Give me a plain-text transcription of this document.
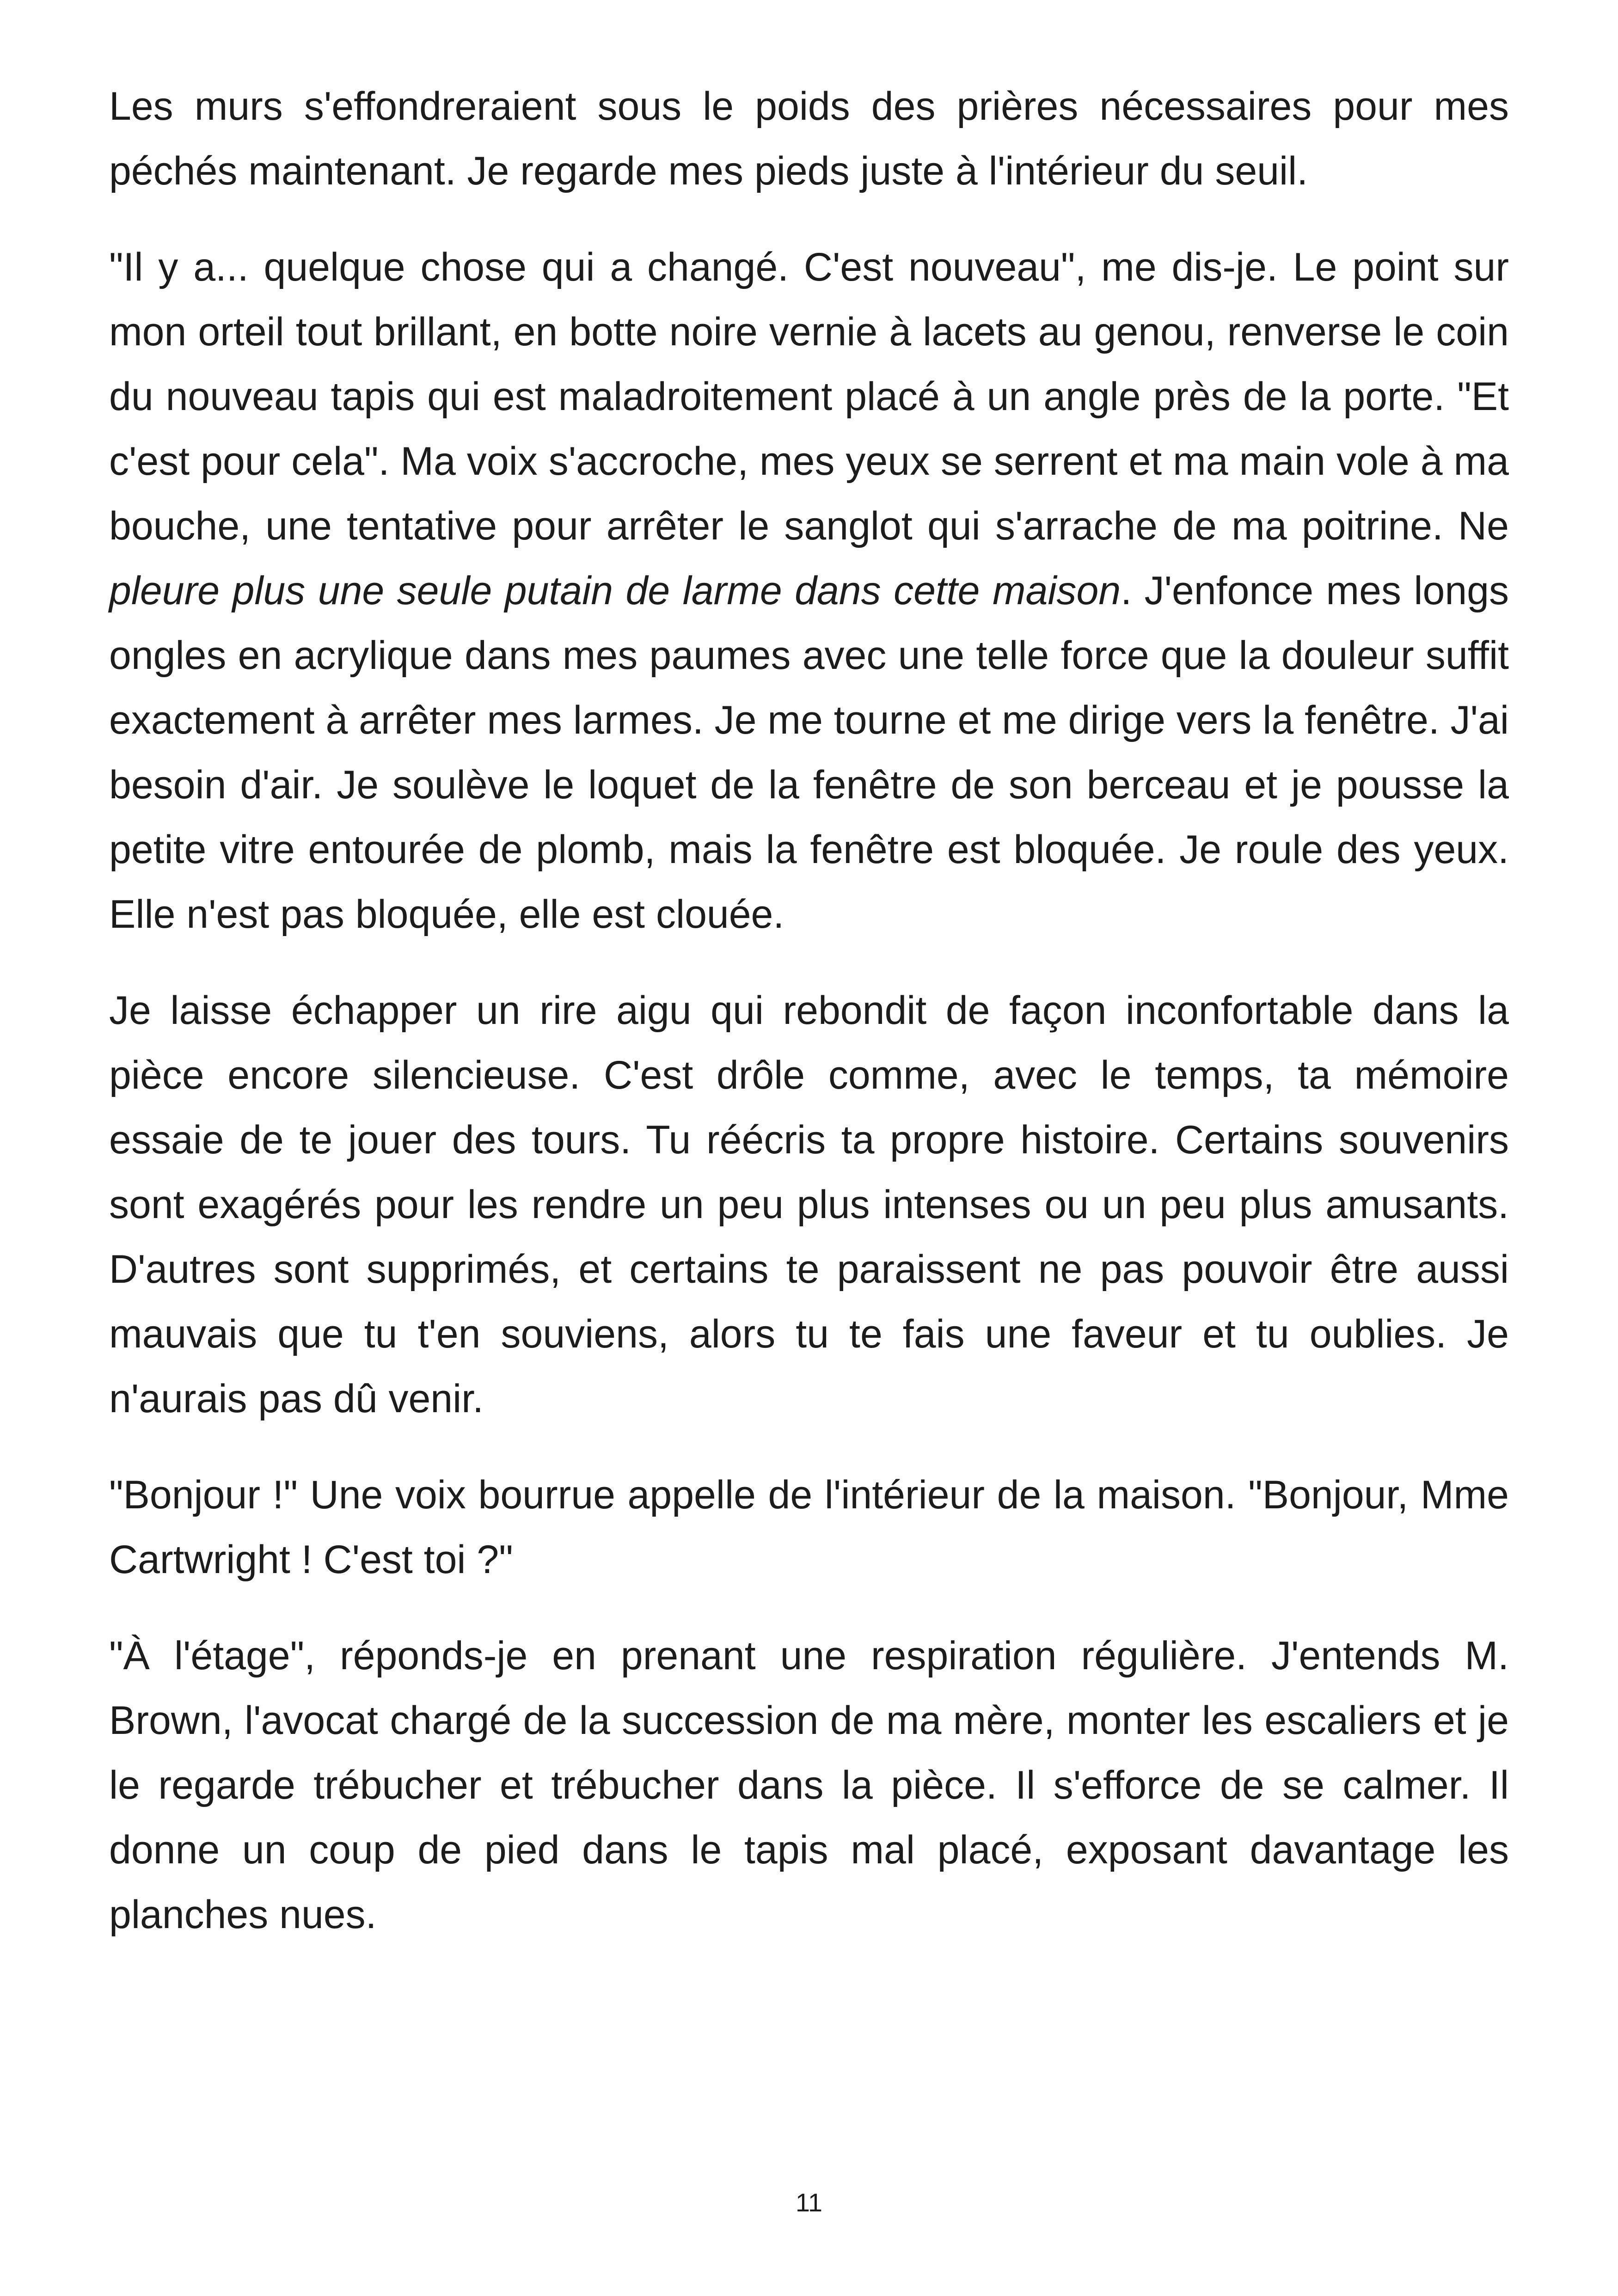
Les murs s'effondreraient sous le poids des prières nécessaires pour mes péchés maintenant. Je regarde mes pieds juste à l'intérieur du seuil.

"Il y a... quelque chose qui a changé. C'est nouveau", me dis-je. Le point sur mon orteil tout brillant, en botte noire vernie à lacets au genou, renverse le coin du nouveau tapis qui est maladroitement placé à un angle près de la porte. "Et c'est pour cela". Ma voix s'accroche, mes yeux se serrent et ma main vole à ma bouche, une tentative pour arrêter le sanglot qui s'arrache de ma poitrine. Ne pleure plus une seule putain de larme dans cette maison. J'enfonce mes longs ongles en acrylique dans mes paumes avec une telle force que la douleur suffit exactement à arrêter mes larmes. Je me tourne et me dirige vers la fenêtre. J'ai besoin d'air. Je soulève le loquet de la fenêtre de son berceau et je pousse la petite vitre entourée de plomb, mais la fenêtre est bloquée. Je roule des yeux. Elle n'est pas bloquée, elle est clouée.

Je laisse échapper un rire aigu qui rebondit de façon inconfortable dans la pièce encore silencieuse. C'est drôle comme, avec le temps, ta mémoire essaie de te jouer des tours. Tu réécris ta propre histoire. Certains souvenirs sont exagérés pour les rendre un peu plus intenses ou un peu plus amusants. D'autres sont supprimés, et certains te paraissent ne pas pouvoir être aussi mauvais que tu t'en souviens, alors tu te fais une faveur et tu oublies. Je n'aurais pas dû venir.

"Bonjour !" Une voix bourrue appelle de l'intérieur de la maison. "Bonjour, Mme Cartwright ! C'est toi ?"

"À l'étage", réponds-je en prenant une respiration régulière. J'entends M. Brown, l'avocat chargé de la succession de ma mère, monter les escaliers et je le regarde trébucher et trébucher dans la pièce. Il s'efforce de se calmer. Il donne un coup de pied dans le tapis mal placé, exposant davantage les planches nues.

11
